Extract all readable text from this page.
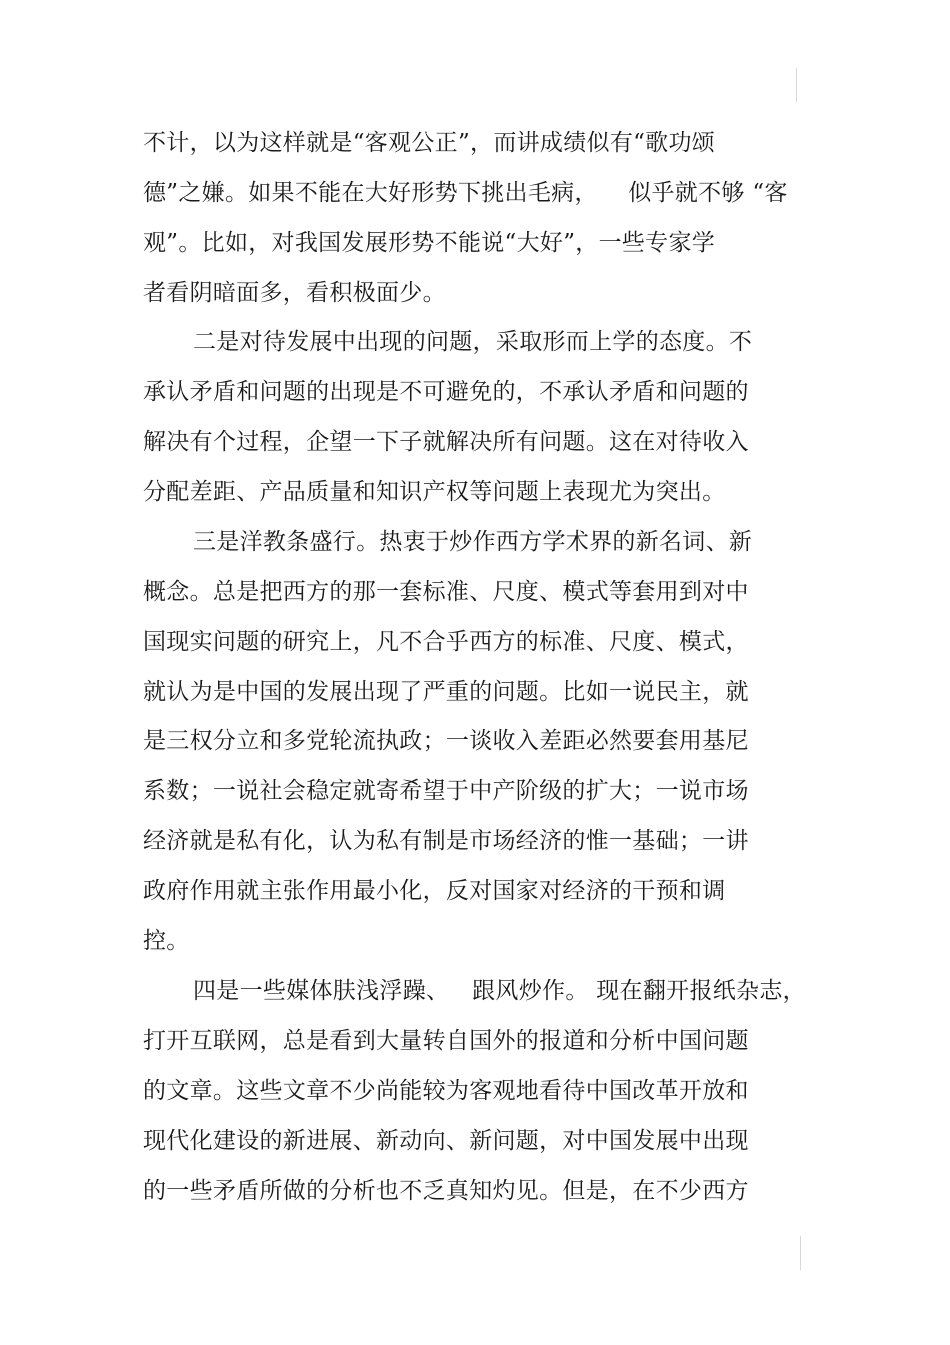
不计，以为这样就是“客观公正”，而讲成绩似有“歌功颂
德”之嫌。如果不能在大好形势下挑出毛病，    似乎就不够 “客
观”。比如，对我国发展形势不能说“大好”，一些专家学
者看阴暗面多，看积极面少。
二是对待发展中出现的问题，采取形而上学的态度。不
承认矛盾和问题的出现是不可避免的，不承认矛盾和问题的
解决有个过程，企望一下子就解决所有问题。这在对待收入
分配差距、产品质量和知识产权等问题上表现尤为突出。
三是洋教条盛行。热衷于炒作西方学术界的新名词、新
概念。总是把西方的那一套标准、尺度、模式等套用到对中
国现实问题的研究上，凡不合乎西方的标准、尺度、模式，
就认为是中国的发展出现了严重的问题。比如一说民主，就
是三权分立和多党轮流执政；一谈收入差距必然要套用基尼
系数；一说社会稳定就寄希望于中产阶级的扩大；一说市场
经济就是私有化，认为私有制是市场经济的惟一基础；一讲
政府作用就主张作用最小化，反对国家对经济的干预和调
控。
四是一些媒体肤浅浮躁、   跟风炒作。 现在翻开报纸杂志，
打开互联网，总是看到大量转自国外的报道和分析中国问题
的文章。这些文章不少尚能较为客观地看待中国改革开放和
现代化建设的新进展、新动向、新问题，对中国发展中出现
的一些矛盾所做的分析也不乏真知灼见。但是，在不少西方
